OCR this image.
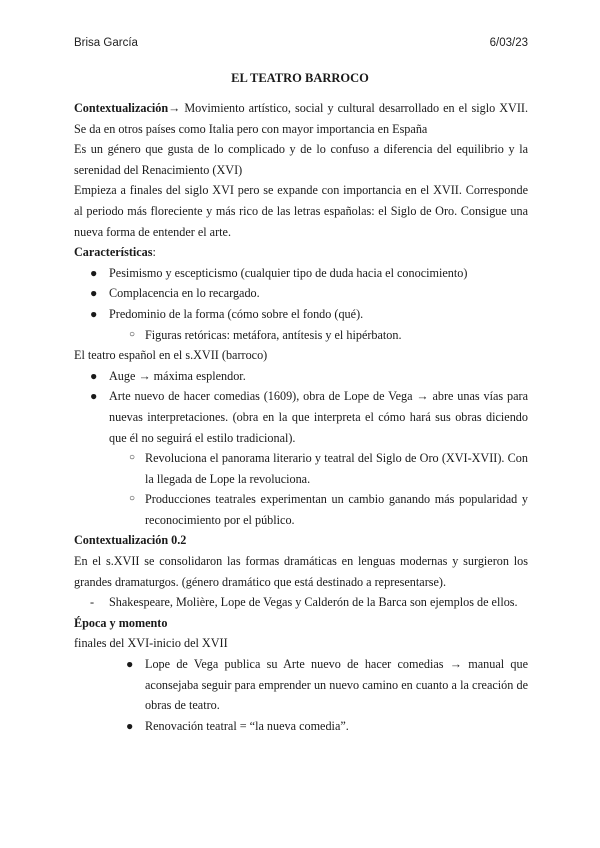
Brisa García	6/03/23
EL TEATRO BARROCO

Contextualización→ Movimiento artístico, social y cultural desarrollado en el siglo XVII. Se da en otros países como Italia pero con mayor importancia en España

Es un género que gusta de lo complicado y de lo confuso a diferencia del equilibrio y la serenidad del Renacimiento (XVI)

Empieza a finales del siglo XVI pero se expande con importancia en el XVII. Corresponde al periodo más floreciente y más rico de las letras españolas: el Siglo de Oro. Consigue una nueva forma de entender el arte.

Características:

● Pesimismo y escepticismo (cualquier tipo de duda hacia el conocimiento)
● Complacencia en lo recargado.
● Predominio de la forma (cómo sobre el fondo (qué).
○ Figuras retóricas: metáfora, antítesis y el hipérbaton.

El teatro español en el s.XVII (barroco)

● Auge → máxima esplendor.
● Arte nuevo de hacer comedias (1609), obra de Lope de Vega → abre unas vías para nuevas interpretaciones. (obra en la que interpreta el cómo hará sus obras diciendo que él no seguirá el estilo tradicional).
○ Revoluciona el panorama literario y teatral del Siglo de Oro (XVI-XVII). Con la llegada de Lope la revoluciona.
○ Producciones teatrales experimentan un cambio ganando más popularidad y reconocimiento por el público.

Contextualización 0.2

En el s.XVII se consolidaron las formas dramáticas en lenguas modernas y surgieron los grandes dramaturgos. (género dramático que está destinado a representarse).

- Shakespeare, Molière, Lope de Vegas y Calderón de la Barca son ejemplos de ellos.

Época y momento

finales del XVI-inicio del XVII

● Lope de Vega publica su Arte nuevo de hacer comedias → manual que aconsejaba seguir para emprender un nuevo camino en cuanto a la creación de obras de teatro.
● Renovación teatral = “la nueva comedia”.
